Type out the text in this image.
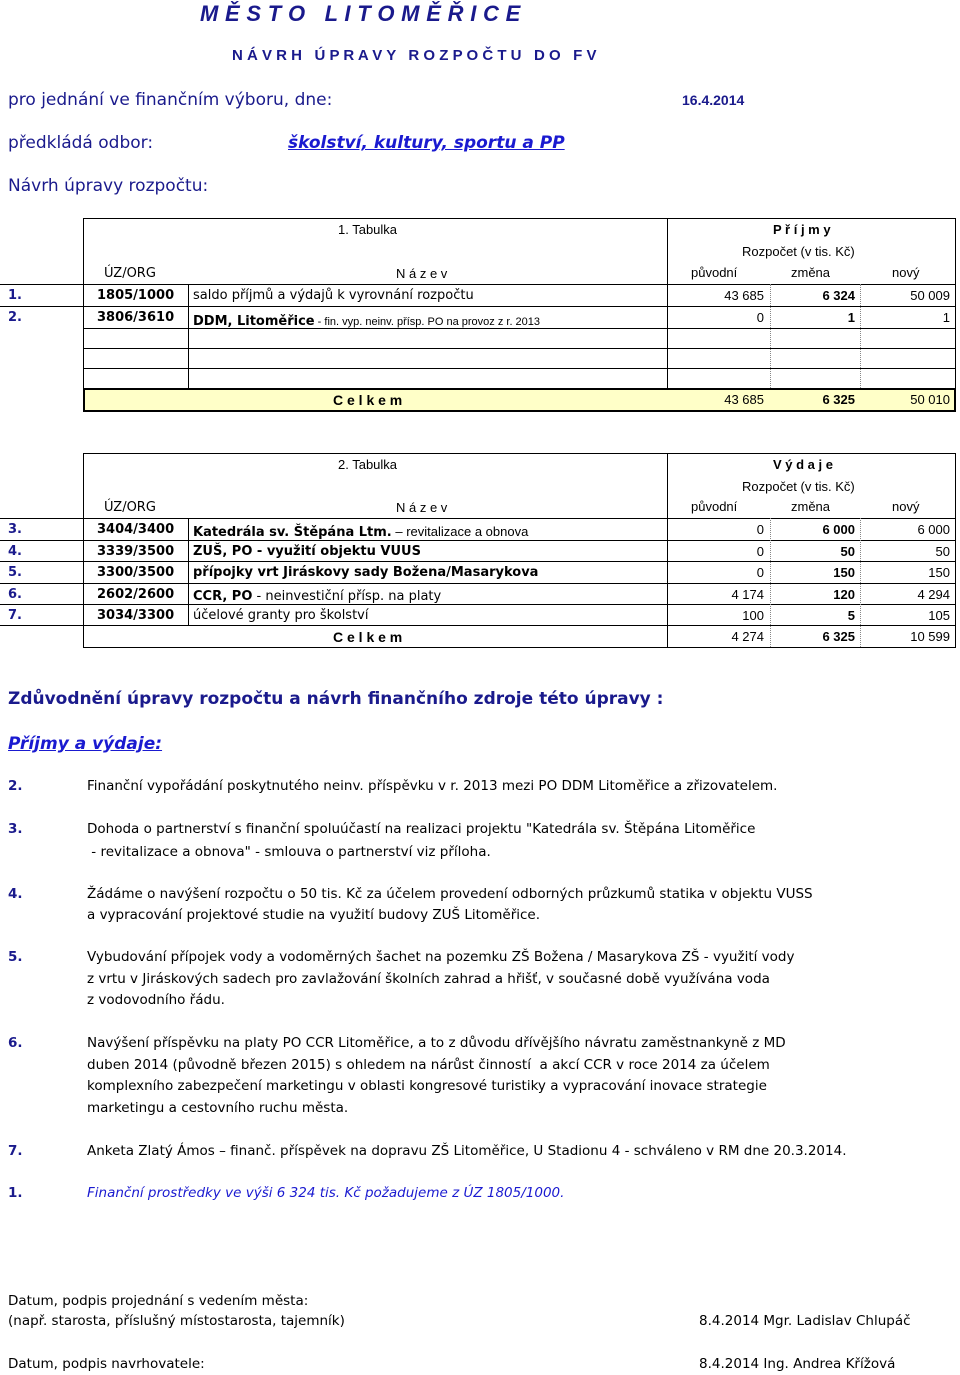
M Ě S T O   L I T O M Ě Ř I C E
N Á V R H   Ú P R A V Y   R O Z P O Č T U   D O   F V
pro jednání ve finančním výboru, dne:	16.4.2014
předkládá odbor:	školství, kultury, sportu a PP
Návrh úpravy rozpočtu:
1. Tabulka	P ř í j m y
Rozpočet (v tis. Kč)
ÚZ/ORG	N á z e v	původní	změna	nový
1.	1805/1000 saldo příjmů a výdajů k vyrovnání rozpočtu	43 685	6 324	50 009
2.	3806/3610 DDM, Litoměřice - fin. vyp. neinv. přísp. PO na provoz z r. 2013	0	1	1
C e l k e m	43 685	6 325	50 010
2. Tabulka	V ý d a j e
Rozpočet (v tis. Kč)
ÚZ/ORG	N á z e v	původní	změna	nový
3.	3404/3400 Katedrála sv. Štěpána Ltm. – revitalizace a obnova	0	6 000	6 000
4.	3339/3500 ZUŠ, PO - využití objektu VUUS	0	50	50
5.	3300/3500 přípojky vrt Jiráskovy sady Božena/Masarykova	0	150	150
6.	2602/2600 CCR, PO - neinvestiční přísp. na platy	4 174	120	4 294
7.	3034/3300 účelové granty pro školství	100	5	105
C e l k e m	4 274	6 325	10 599
Zdůvodnění úpravy rozpočtu a návrh finančního zdroje této úpravy :
Příjmy a výdaje:
2.	Finanční vypořádání poskytnutého neinv. příspěvku v r. 2013 mezi PO DDM Litoměřice a zřizovatelem.
3.	Dohoda o partnerství s finanční spoluúčastí na realizaci projektu "Katedrála sv. Štěpána Litoměřice
- revitalizace a obnova" - smlouva o partnerství viz příloha.
4.	Žádáme o navýšení rozpočtu o 50 tis. Kč za účelem provedení odborných průzkumů statika v objektu VUSS
a vypracování projektové studie na využití budovy ZUŠ Litoměřice.
5.	Vybudování přípojek vody a vodoměrných šachet na pozemku ZŠ Božena / Masarykova ZŠ - využití vody
z vrtu v Jiráskových sadech pro zavlažování školních zahrad a hřišť, v současné době využívána voda
z vodovodního řádu.
6.	Navýšení příspěvku na platy PO CCR Litoměřice, a to z důvodu dřívějšího návratu zaměstnankyně z MD
duben 2014 (původně březen 2015) s ohledem na nárůst činností  a akcí CCR v roce 2014 za účelem
komplexního zabezpečení marketingu v oblasti kongresové turistiky a vypracování inovace strategie
marketingu a cestovního ruchu města.
7.	Anketa Zlatý Ámos – finanč. příspěvek na dopravu ZŠ Litoměřice, U Stadionu 4 - schváleno v RM dne 20.3.2014.
1.	Finanční prostředky ve výši 6 324 tis. Kč požadujeme z ÚZ 1805/1000.
Datum, podpis projednání s vedením města:
(např. starosta, příslušný místostarosta, tajemník)	8.4.2014 Mgr. Ladislav Chlupáč
Datum, podpis navrhovatele:	8.4.2014 Ing. Andrea Křížová
